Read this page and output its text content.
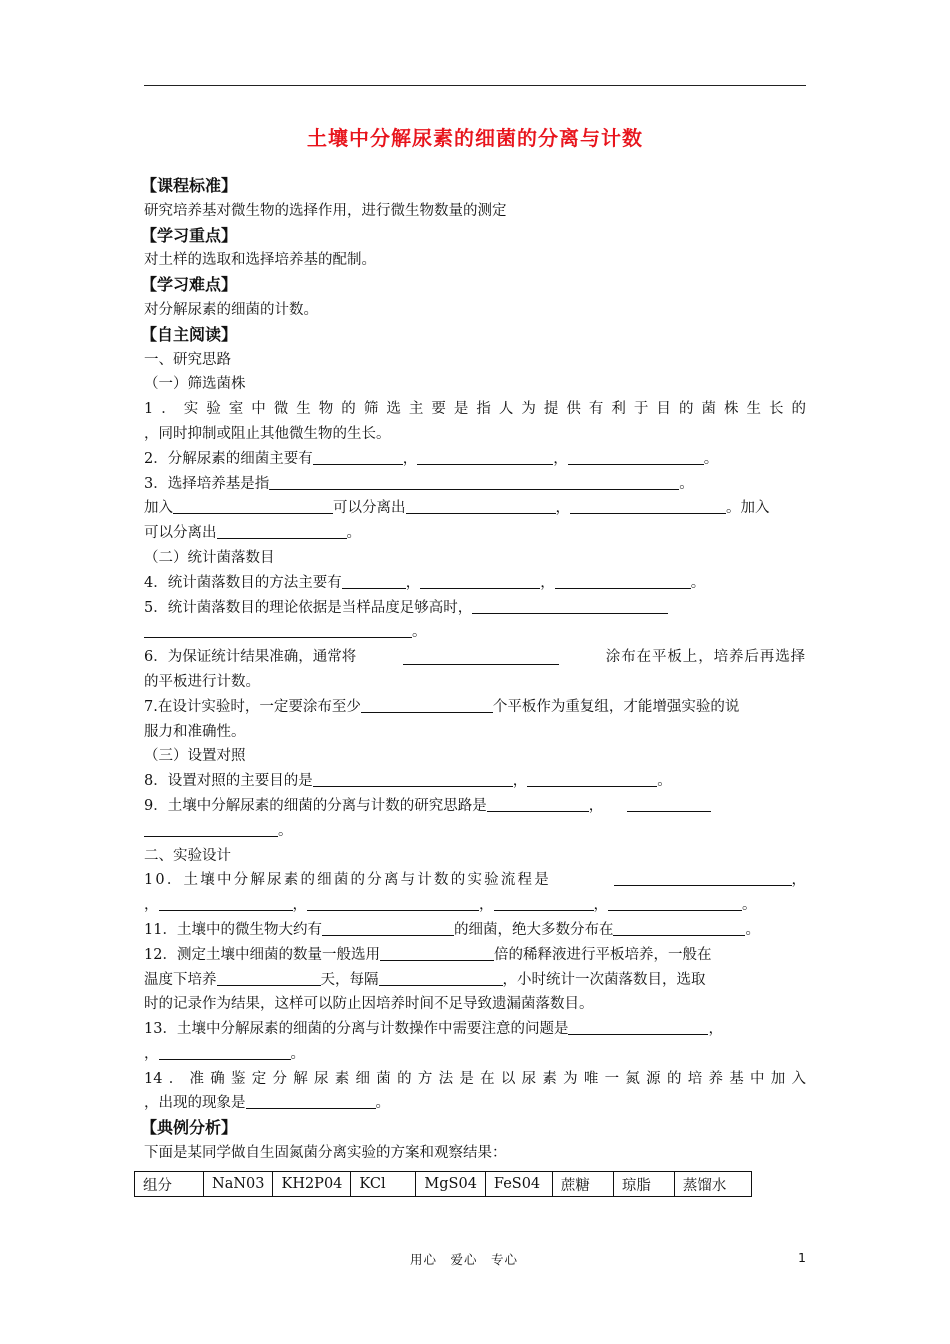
土壤中分解尿素的细菌的分离与计数
【课程标准】
研究培养基对微生物的选择作用，进行微生物数量的测定
【学习重点】
对土样的选取和选择培养基的配制。
【学习难点】
对分解尿素的细菌的计数。
【自主阅读】
一、研究思路
（一）筛选菌株
1．实验室中微生物的筛选主要是指人为提供有利于目的菌株生长的
，同时抑制或阻止其他微生物的生长。
2．分解尿素的细菌主要有	，	，	。
3．选择培养基是指	。
加入	可以分离出	，	。加入
可以分离出	。
（二）统计菌落数目
4．统计菌落数目的方法主要有	，	，	。
5．统计菌落数目的理论依据是当样品度足够高时，
。
6．为保证统计结果准确，通常将	涂布在平板上，培养后再选择
的平板进行计数。
7.在设计实验时，一定要涂布至少	个平板作为重复组，才能增强实验的说
服力和准确性。
（三）设置对照
8．设置对照的主要目的是	，	。
9．土壤中分解尿素的细菌的分离与计数的研究思路是	，
。
二、实验设计
10．土壤中分解尿素的细菌的分离与计数的实验流程是	，
，	，	，	，	。
11．土壤中的微生物大约有	的细菌，绝大多数分布在	。
12．测定土壤中细菌的数量一般选用	倍的稀释液进行平板培养，一般在
温度下培养	天，每隔	，小时统计一次菌落数目，选取
时的记录作为结果，这样可以防止因培养时间不足导致遗漏菌落数目。
13．土壤中分解尿素的细菌的分离与计数操作中需要注意的问题是	，
，	。
14．准确鉴定分解尿素细菌的方法是在以尿素为唯一氮源的培养基中加入
，出现的现象是	。
【典例分析】
下面是某同学做自生固氮菌分离实验的方案和观察结果：
组分	NaN03	KH2P04	KCl	MgS04	FeS04	蔗糖	琼脂	蒸馏水
用心　爱心　专心	1
